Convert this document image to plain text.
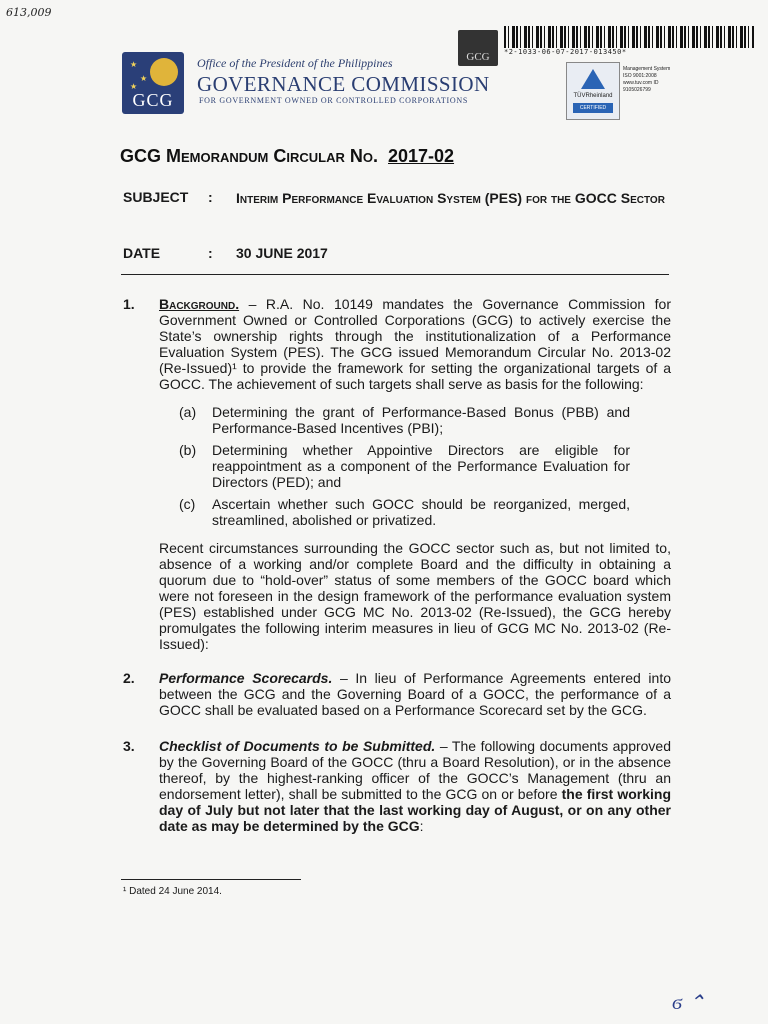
613,009
★
★
★
GCG
Office of the President of the Philippines
GOVERNANCE COMMISSION
FOR GOVERNMENT OWNED OR CONTROLLED CORPORATIONS
GCG	*2-1033-06-07-2017-013450*
TÜVRheinland
CERTIFIED
Management System ISO 9001:2008 www.tuv.com ID 9105026799
GCG Memorandum Circular No. 2017-02
SUBJECT : Interim Performance Evaluation System (PES) for the GOCC Sector
DATE	: 30 JUNE 2017
1. Background. – R.A. No. 10149 mandates the Governance Commission for Government Owned or Controlled Corporations (GCG) to actively exercise the State’s ownership rights through the institutionalization of a Performance Evaluation System (PES). The GCG issued Memorandum Circular No. 2013-02 (Re-Issued)¹ to provide the framework for setting the organizational targets of a GOCC. The achievement of such targets shall serve as basis for the following:
(a) Determining the grant of Performance-Based Bonus (PBB) and Performance-Based Incentives (PBI);
(b) Determining whether Appointive Directors are eligible for reappointment as a component of the Performance Evaluation for Directors (PED); and
(c) Ascertain whether such GOCC should be reorganized, merged, streamlined, abolished or privatized.
Recent circumstances surrounding the GOCC sector such as, but not limited to, absence of a working and/or complete Board and the difficulty in obtaining a quorum due to “hold-over” status of some members of the GOCC board which were not foreseen in the design framework of the performance evaluation system (PES) established under GCG MC No. 2013-02 (Re-Issued), the GCG hereby promulgates the following interim measures in lieu of GCG MC No. 2013-02 (Re-Issued):
2. Performance Scorecards. – In lieu of Performance Agreements entered into between the GCG and the Governing Board of a GOCC, the performance of a GOCC shall be evaluated based on a Performance Scorecard set by the GCG.
3. Checklist of Documents to be Submitted. – The following documents approved by the Governing Board of the GOCC (thru a Board Resolution), or in the absence thereof, by the highest-ranking officer of the GOCC’s Management (thru an endorsement letter), shall be submitted to the GCG on or before the first working day of July but not later that the last working day of August, or on any other date as may be determined by the GCG:
¹ Dated 24 June 2014.
ϭ ⌃
